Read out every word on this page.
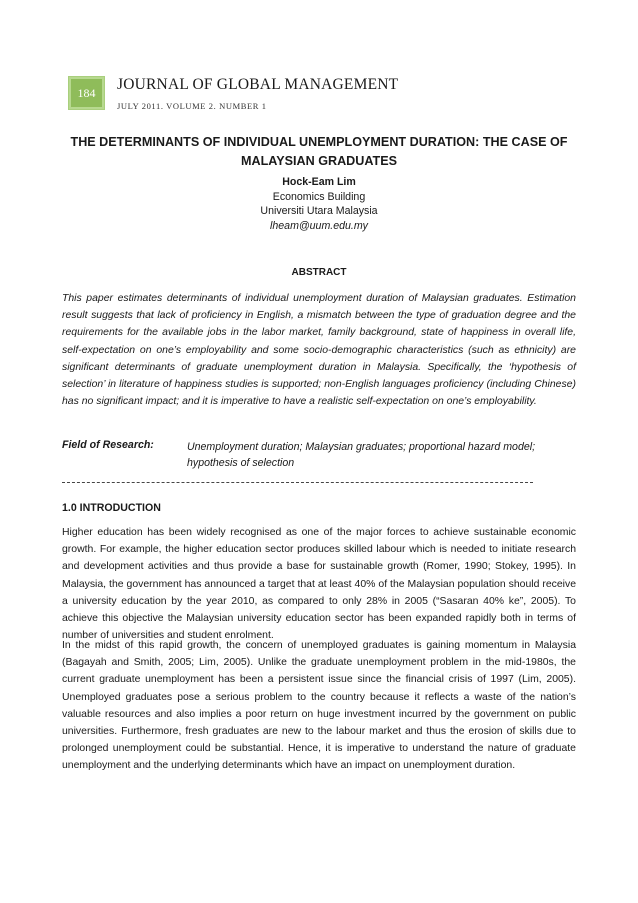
184	JOURNAL OF GLOBAL MANAGEMENT
JULY 2011. VOLUME 2. NUMBER 1
THE DETERMINANTS OF INDIVIDUAL UNEMPLOYMENT DURATION: THE CASE OF MALAYSIAN GRADUATES
Hock-Eam Lim
Economics Building
Universiti Utara Malaysia
lheam@uum.edu.my
ABSTRACT

This paper estimates determinants of individual unemployment duration of Malaysian graduates. Estimation result suggests that lack of proficiency in English, a mismatch between the type of graduation degree and the requirements for the available jobs in the labor market, family background, state of happiness in overall life, self-expectation on one’s employability and some socio-demographic characteristics (such as ethnicity) are significant determinants of graduate unemployment duration in Malaysia. Specifically, the ‘hypothesis of selection’ in literature of happiness studies is supported; non-English languages proficiency (including Chinese) has no significant impact; and it is imperative to have a realistic self-expectation on one’s employability.

Field of Research:	Unemployment duration; Malaysian graduates; proportional hazard model; hypothesis of selection
1.0 INTRODUCTION

Higher education has been widely recognised as one of the major forces to achieve sustainable economic growth. For example, the higher education sector produces skilled labour which is needed to initiate research and development activities and thus provide a base for sustainable growth (Romer, 1990; Stokey, 1995). In Malaysia, the government has announced a target that at least 40% of the Malaysian population should receive a university education by the year 2010, as compared to only 28% in 2005 (“Sasaran 40% ke”, 2005). To achieve this objective the Malaysian university education sector has been expanded rapidly both in terms of number of universities and student enrolment.

In the midst of this rapid growth, the concern of unemployed graduates is gaining momentum in Malaysia (Bagayah and Smith, 2005; Lim, 2005). Unlike the graduate unemployment problem in the mid-1980s, the current graduate unemployment has been a persistent issue since the financial crisis of 1997 (Lim, 2005). Unemployed graduates pose a serious problem to the country because it reflects a waste of the nation’s valuable resources and also implies a poor return on huge investment incurred by the government on public universities. Furthermore, fresh graduates are new to the labour market and thus the erosion of skills due to prolonged unemployment could be substantial. Hence, it is imperative to understand the nature of graduate unemployment and the underlying determinants which have an impact on unemployment duration.
